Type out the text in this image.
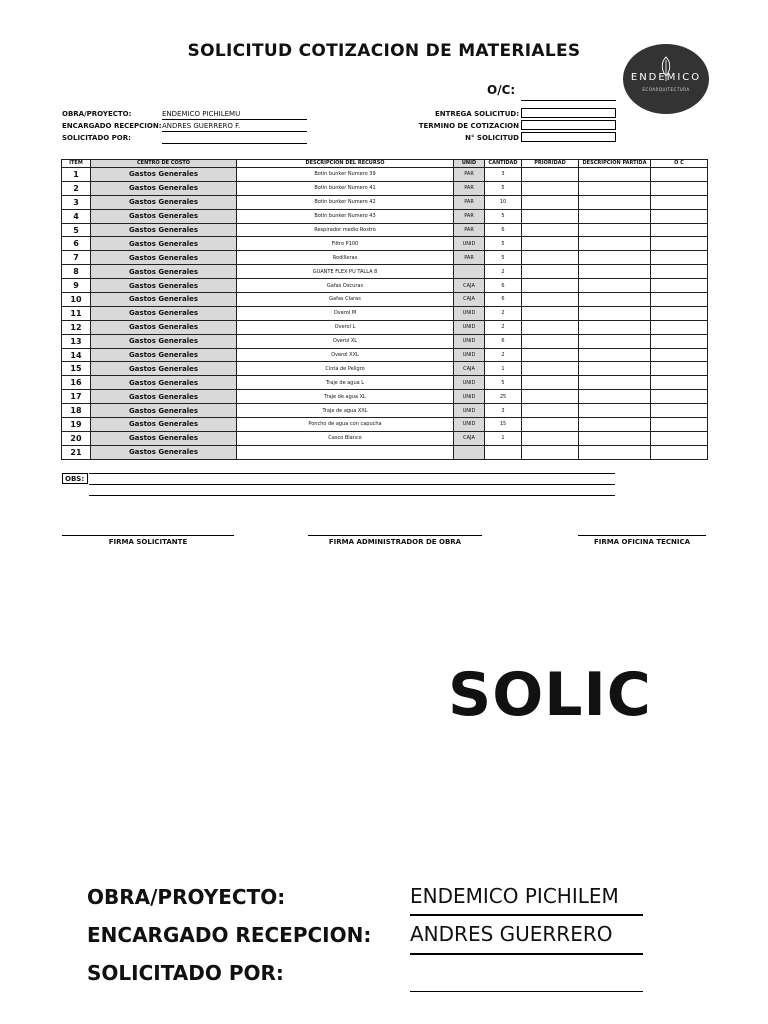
SOLICITUD COTIZACION DE MATERIALES
ENDEMICO
ECOARQUITECTURA
O/C:
OBRA/PROYECTO:	ENDEMICO PICHILEMU
ENCARGADO RECEPCION: ANDRES GUERRERO F.
SOLICITADO POR:
ENTREGA SOLICITUD:
TERMINO DE COTIZACION
N° SOLICITUD
ITEM	CENTRO DE COSTO	DESCRIPCIÓN DEL RECURSO	UNID	CANTIDAD	PRIORIDAD	DESCRIPCION PARTIDA	O C
1	Gastos Generales	Botin bunker Numero 39	PAR	3			
2	Gastos Generales	Botin bunker Numero 41	PAR	5			
3	Gastos Generales	Botin bunker Numero 42	PAR	10			
4	Gastos Generales	Botin bunker Numero 43	PAR	5			
5	Gastos Generales	Respirador medio Rostro	PAR	6			
6	Gastos Generales	Filtro P100	UNID	5			
7	Gastos Generales	Rodilleras	PAR	5			
8	Gastos Generales	GUANTE FLEX PU TALLA 8		2			
9	Gastos Generales	Gafas Oscuras	CAJA	6			
10	Gastos Generales	Gafas Claras	CAJA	6			
11	Gastos Generales	Overol M	UNID	2			
12	Gastos Generales	Overol L	UNID	2			
13	Gastos Generales	Overol XL	UNID	6			
14	Gastos Generales	Overol XXL	UNID	2			
15	Gastos Generales	Cinta de Peligro	CAJA	1			
16	Gastos Generales	Traje de agua L	UNID	5			
17	Gastos Generales	Traje de agua XL	UNID	25			
18	Gastos Generales	Traje de agua XXL	UNID	3			
19	Gastos Generales	Poncho de agua con capucha	UNID	15			
20	Gastos Generales	Casco Blanco	CAJA	1			
21	Gastos Generales						
OBS:
FIRMA SOLICITANTE	FIRMA ADMINISTRADOR DE OBRA	FIRMA OFICINA TECNICA
SOLIC
OBRA/PROYECTO:	ENDEMICO PICHILEM
ENCARGADO RECEPCION: ANDRES GUERRERO
SOLICITADO POR:
